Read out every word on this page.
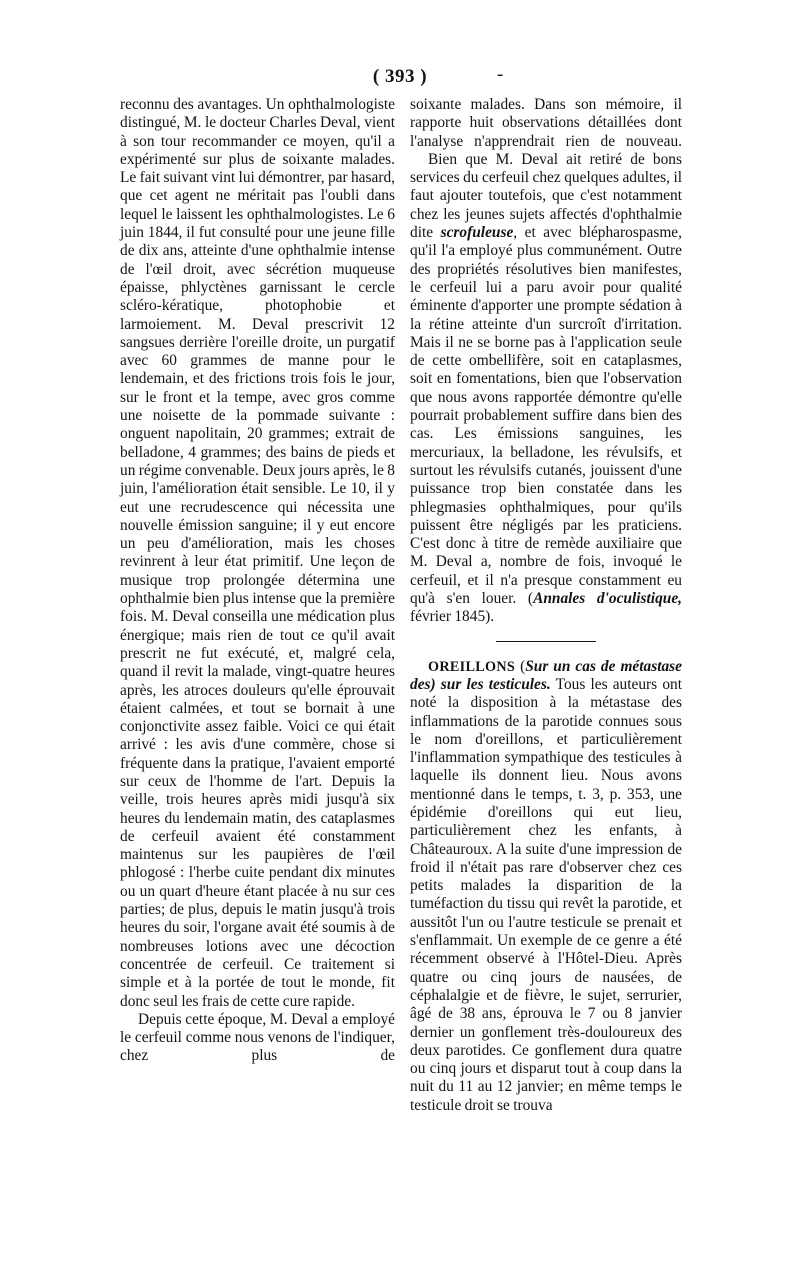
( 393 )	-

reconnu des avantages. Un ophthalmologiste distingué, M. le docteur Charles Deval, vient à son tour recommander ce moyen, qu'il a expérimenté sur plus de soixante malades. Le fait suivant vint lui démontrer, par hasard, que cet agent ne méritait pas l'oubli dans lequel le laissent les ophthalmologistes. Le 6 juin 1844, il fut consulté pour une jeune fille de dix ans, atteinte d'une ophthalmie intense de l'œil droit, avec sécrétion muqueuse épaisse, phlyctènes garnissant le cercle scléro-kératique, photophobie et larmoiement. M. Deval prescrivit 12 sangsues derrière l'oreille droite, un purgatif avec 60 grammes de manne pour le lendemain, et des frictions trois fois le jour, sur le front et la tempe, avec gros comme une noisette de la pommade suivante : onguent napolitain, 20 grammes; extrait de belladone, 4 grammes; des bains de pieds et un régime convenable. Deux jours après, le 8 juin, l'amélioration était sensible. Le 10, il y eut une recrudescence qui nécessita une nouvelle émission sanguine; il y eut encore un peu d'amélioration, mais les choses revinrent à leur état primitif. Une leçon de musique trop prolongée détermina une ophthalmie bien plus intense que la première fois. M. Deval conseilla une médication plus énergique; mais rien de tout ce qu'il avait prescrit ne fut exécuté, et, malgré cela, quand il revit la malade, vingt-quatre heures après, les atroces douleurs qu'elle éprouvait étaient calmées, et tout se bornait à une conjonctivite assez faible. Voici ce qui était arrivé : les avis d'une commère, chose si fréquente dans la pratique, l'avaient emporté sur ceux de l'homme de l'art. Depuis la veille, trois heures après midi jusqu'à six heures du lendemain matin, des cataplasmes de cerfeuil avaient été constamment maintenus sur les paupières de l'œil phlogosé : l'herbe cuite pendant dix minutes ou un quart d'heure étant placée à nu sur ces parties; de plus, depuis le matin jusqu'à trois heures du soir, l'organe avait été soumis à de nombreuses lotions avec une décoction concentrée de cerfeuil. Ce traitement si simple et à la portée de tout le monde, fit donc seul les frais de cette cure rapide.

Depuis cette époque, M. Deval a employé le cerfeuil comme nous venons de l'indiquer, chez plus de

soixante malades. Dans son mémoire, il rapporte huit observations détaillées dont l'analyse n'apprendrait rien de nouveau.

Bien que M. Deval ait retiré de bons services du cerfeuil chez quelques adultes, il faut ajouter toutefois, que c'est notamment chez les jeunes sujets affectés d'ophthalmie dite scrofuleuse, et avec blépharospasme, qu'il l'a employé plus communément. Outre des propriétés résolutives bien manifestes, le cerfeuil lui a paru avoir pour qualité éminente d'apporter une prompte sédation à la rétine atteinte d'un surcroît d'irritation. Mais il ne se borne pas à l'application seule de cette ombellifère, soit en cataplasmes, soit en fomentations, bien que l'observation que nous avons rapportée démontre qu'elle pourrait probablement suffire dans bien des cas. Les émissions sanguines, les mercuriaux, la belladone, les révulsifs, et surtout les révulsifs cutanés, jouissent d'une puissance trop bien constatée dans les phlegmasies ophthalmiques, pour qu'ils puissent être négligés par les praticiens. C'est donc à titre de remède auxiliaire que M. Deval a, nombre de fois, invoqué le cerfeuil, et il n'a presque constamment eu qu'à s'en louer. (Annales d'oculistique, février 1845).

OREILLONS (Sur un cas de métastase des) sur les testicules. Tous les auteurs ont noté la disposition à la métastase des inflammations de la parotide connues sous le nom d'oreillons, et particulièrement l'inflammation sympathique des testicules à laquelle ils donnent lieu. Nous avons mentionné dans le temps, t. 3, p. 353, une épidémie d'oreillons qui eut lieu, particulièrement chez les enfants, à Châteauroux. A la suite d'une impression de froid il n'était pas rare d'observer chez ces petits malades la disparition de la tuméfaction du tissu qui revêt la parotide, et aussitôt l'un ou l'autre testicule se prenait et s'enflammait. Un exemple de ce genre a été récemment observé à l'Hôtel-Dieu. Après quatre ou cinq jours de nausées, de céphalalgie et de fièvre, le sujet, serrurier, âgé de 38 ans, éprouva le 7 ou 8 janvier dernier un gonflement très-douloureux des deux parotides. Ce gonflement dura quatre ou cinq jours et disparut tout à coup dans la nuit du 11 au 12 janvier; en même temps le testicule droit se trouva
